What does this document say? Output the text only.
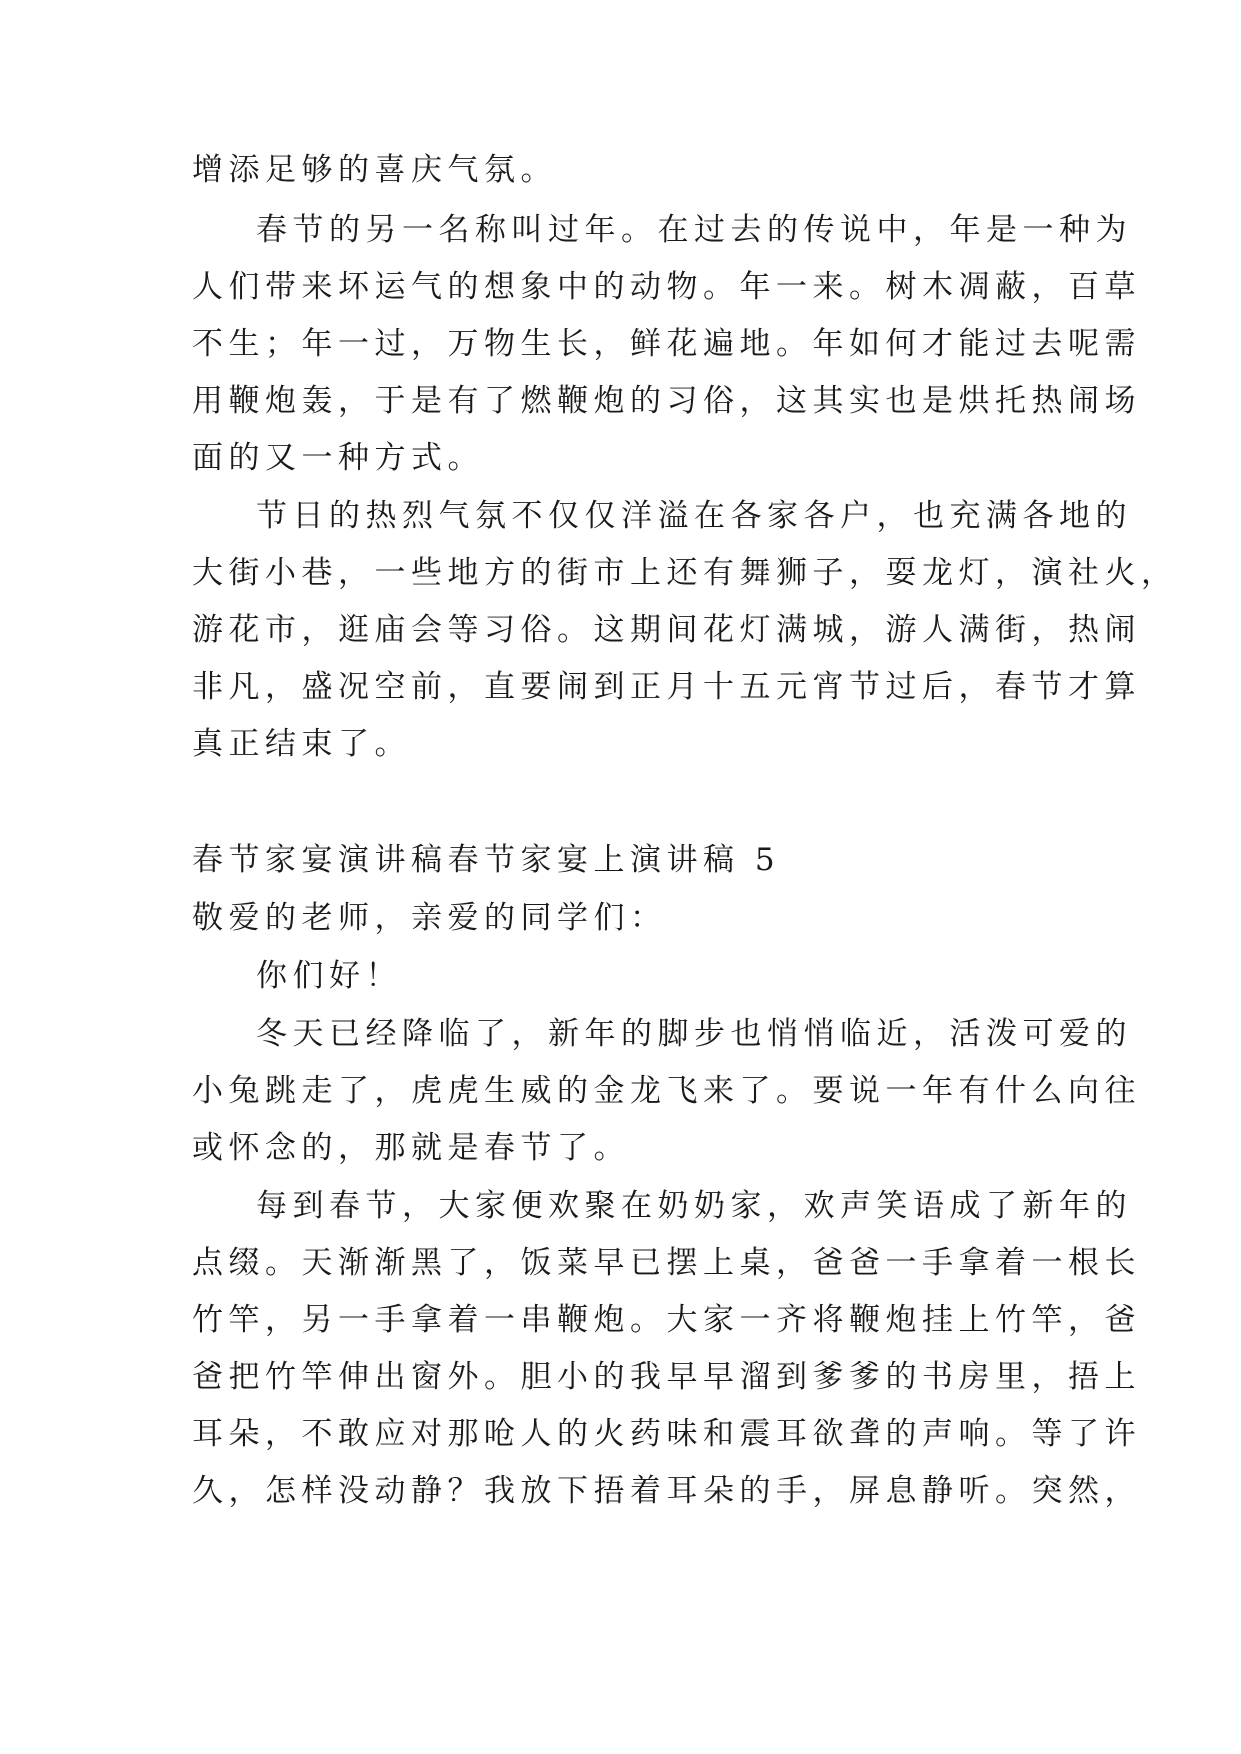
增添足够的喜庆气氛。
春节的另一名称叫过年。在过去的传说中，年是一种为
人们带来坏运气的想象中的动物。年一来。树木凋蔽，百草
不生；年一过，万物生长，鲜花遍地。年如何才能过去呢需
用鞭炮轰，于是有了燃鞭炮的习俗，这其实也是烘托热闹场
面的又一种方式。
节日的热烈气氛不仅仅洋溢在各家各户，也充满各地的
大街小巷，一些地方的街市上还有舞狮子，耍龙灯，演社火，
游花市，逛庙会等习俗。这期间花灯满城，游人满街，热闹
非凡，盛况空前，直要闹到正月十五元宵节过后，春节才算
真正结束了。
春节家宴演讲稿春节家宴上演讲稿 5
敬爱的老师，亲爱的同学们：
你们好！
冬天已经降临了，新年的脚步也悄悄临近，活泼可爱的
小兔跳走了，虎虎生威的金龙飞来了。要说一年有什么向往
或怀念的，那就是春节了。
每到春节，大家便欢聚在奶奶家，欢声笑语成了新年的
点缀。天渐渐黑了，饭菜早已摆上桌，爸爸一手拿着一根长
竹竿，另一手拿着一串鞭炮。大家一齐将鞭炮挂上竹竿，爸
爸把竹竿伸出窗外。胆小的我早早溜到爹爹的书房里，捂上
耳朵，不敢应对那呛人的火药味和震耳欲聋的声响。等了许
久，怎样没动静？我放下捂着耳朵的手，屏息静听。突然，
